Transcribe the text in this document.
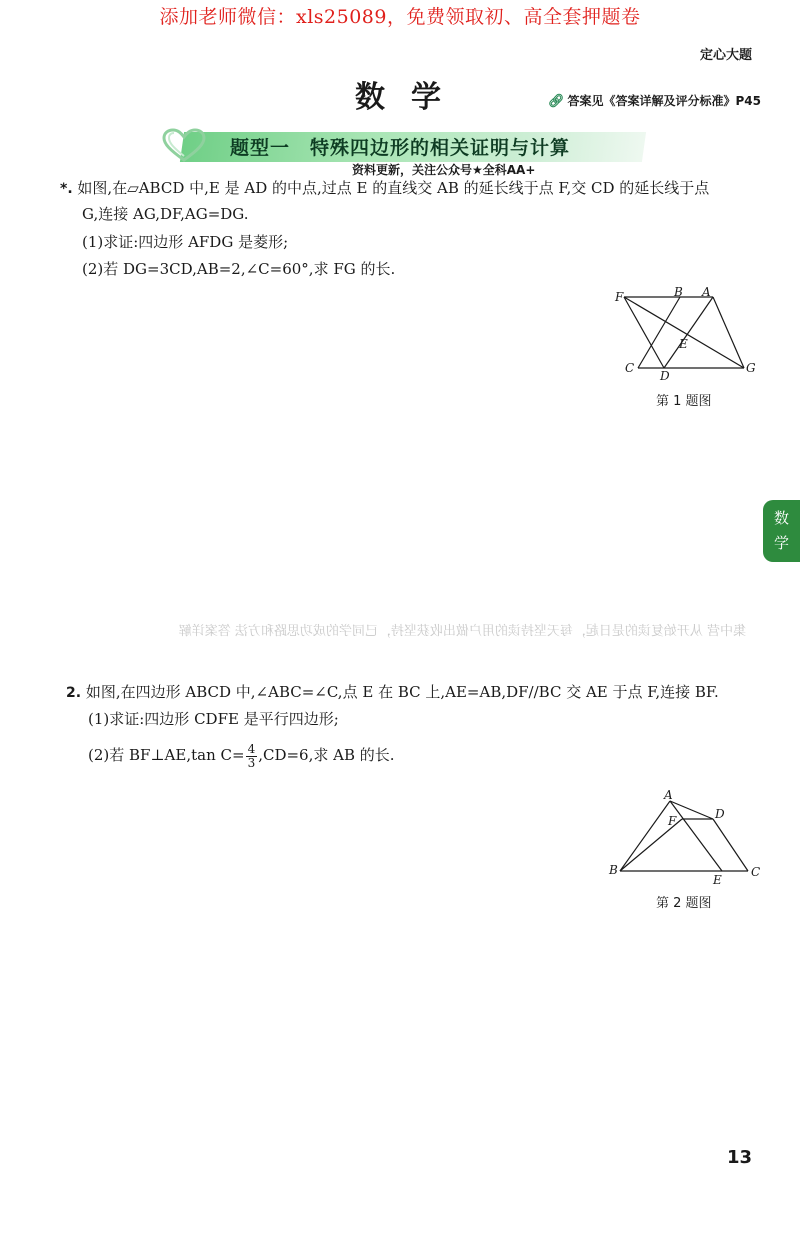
添加老师微信：xls25089，免费领取初、高全套押题卷
定心大题
数学	🔗︎ 答案见《答案详解及评分标准》P45
题型一　特殊四边形的相关证明与计算
资料更新，关注公众号★全科AA+
*. 如图,在▱ABCD 中,E 是 AD 的中点,过点 E 的直线交 AB 的延长线于点 F,交 CD 的延长线于点
G,连接 AG,DF,AG=DG.
(1)求证:四边形 AFDG 是菱形;
(2)若 DG=3CD,AB=2,∠C=60°,求 FG 的长.
F	B A
E
C
D
G
第 1 题图
数
学
集中营 从开始复读的是日起，每天坚持读的用户做出收获坚持，已同学的成功思路和方法 答案详解
2. 如图,在四边形 ABCD 中,∠ABC=∠C,点 E 在 BC 上,AE=AB,DF//BC 交 AE 于点 F,连接 BF.
(1)求证:四边形 CDFE 是平行四边形;
(2)若 BF⊥AE,tan $C= \frac{4}{3} ,CD=6$,求 AB 的长.
A
D
F
B
E
C
第 2 题图
13
